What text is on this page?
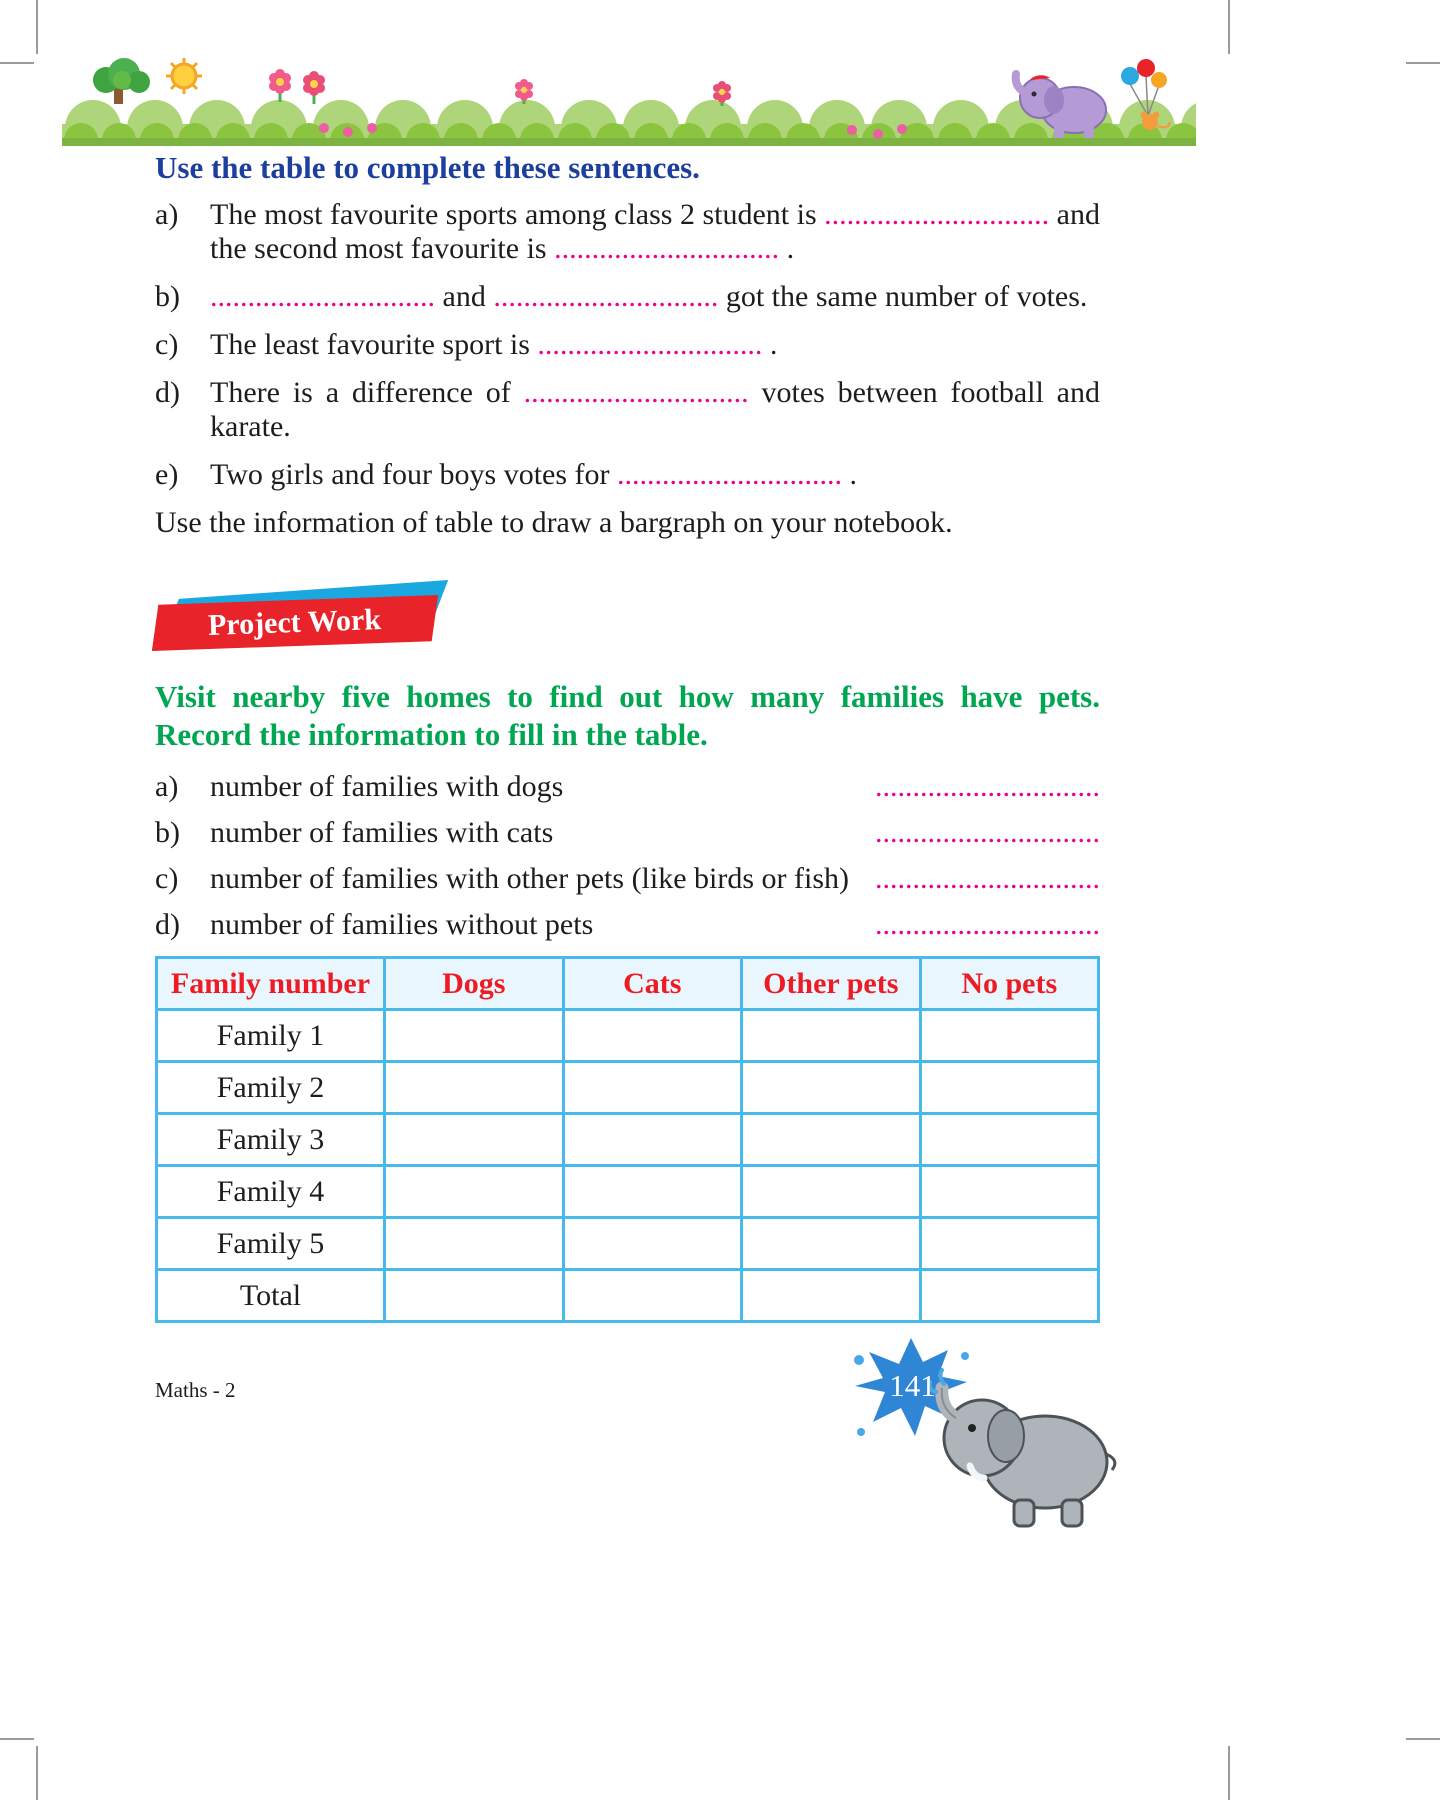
Use the table to complete these sentences.
a)	The most favourite sports among class 2 student is .............................. and the second most favourite is .............................. .
b)	.............................. and .............................. got the same number of votes.
c)	The least favourite sport is .............................. .
d)	There is a difference of .............................. votes between football and karate.
e)	Two girls and four boys votes for .............................. .

Use the information of table to draw a bargraph on your notebook.

Project Work

Visit nearby five homes to find out how many families have pets. Record the information to fill in the table.

a)	number of families with dogs	..............................
b)	number of families with cats	..............................
c)	number of families with other pets (like birds or fish) ..............................
d)	number of families without pets	..............................
Family number	Dogs	Cats	Other pets	No pets
Family 1				
Family 2				
Family 3				
Family 4				
Family 5				
Total				
Maths - 2	141
